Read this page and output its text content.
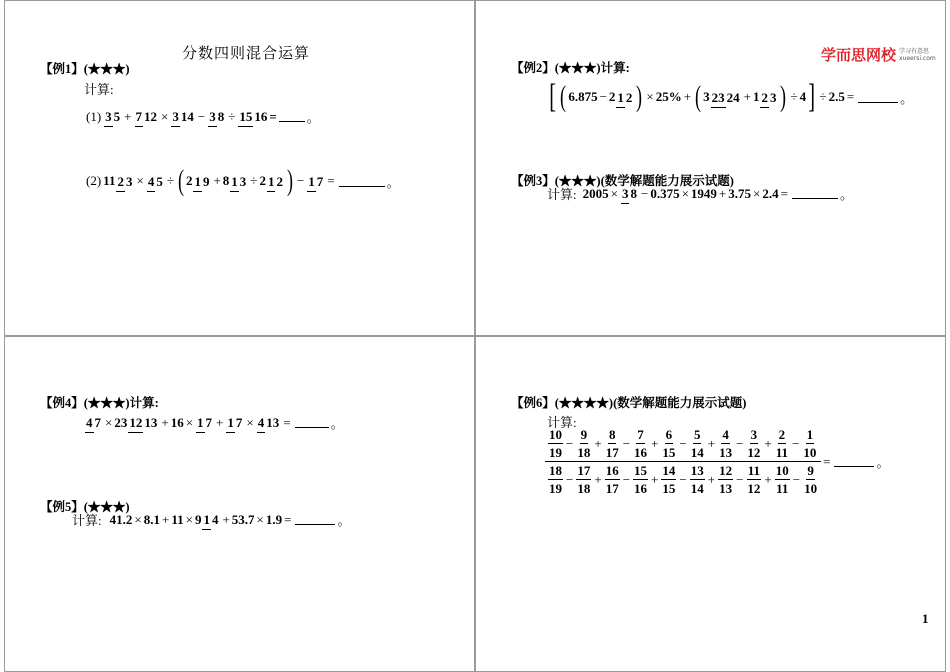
分数四则混合运算
【例1】(★★★)
计算:
(1) 3 5 + 7 12 × 3 14 − 3 8 ÷ 15 16 = 。
(2) 11 2 3 × 4 5 ÷ ( 2 1 9 + 8 1 3 ÷ 2 1 2 ) − 1 7 =	。
学而思网校 学习有意思
xueersi.com
【例2】(★★★)计算:
[ ( 6.875 − 2 1 2 ) × 25% + ( 3 23 24 + 1 2 3 ) ÷ 4 ] ÷ 2.5 =	。
【例3】(★★★)(数学解题能力展示试题)
计算: 2005 × 3 8 − 0.375 × 1949 + 3.75 × 2.4 =	。
【例4】(★★★)计算:
4 7 × 23 12 13 + 16 × 1 7 + 1 7 × 4 13 =	。
【例5】(★★★)
计算: 41.2 × 8.1 + 11 × 9 1 4 + 53.7 × 1.9 =	。
【例6】(★★★★)(数学解题能力展示试题)
计算:
$\frac{\frac{10}{19} - \frac{9}{18} + \frac{8}{17} - \frac{7}{16} + \frac{6}{15} - \frac{5}{14} + \frac{4}{13} - \frac{3}{12} + \frac{2}{11} - \frac{1}{10}}{\frac{18}{19} - \frac{17}{18} + \frac{16}{17} - \frac{15}{16} + \frac{14}{15} - \frac{13}{14} + \frac{12}{13} - \frac{11}{12} + \frac{10}{11} - \frac{9}{10}}$ =	。
1
